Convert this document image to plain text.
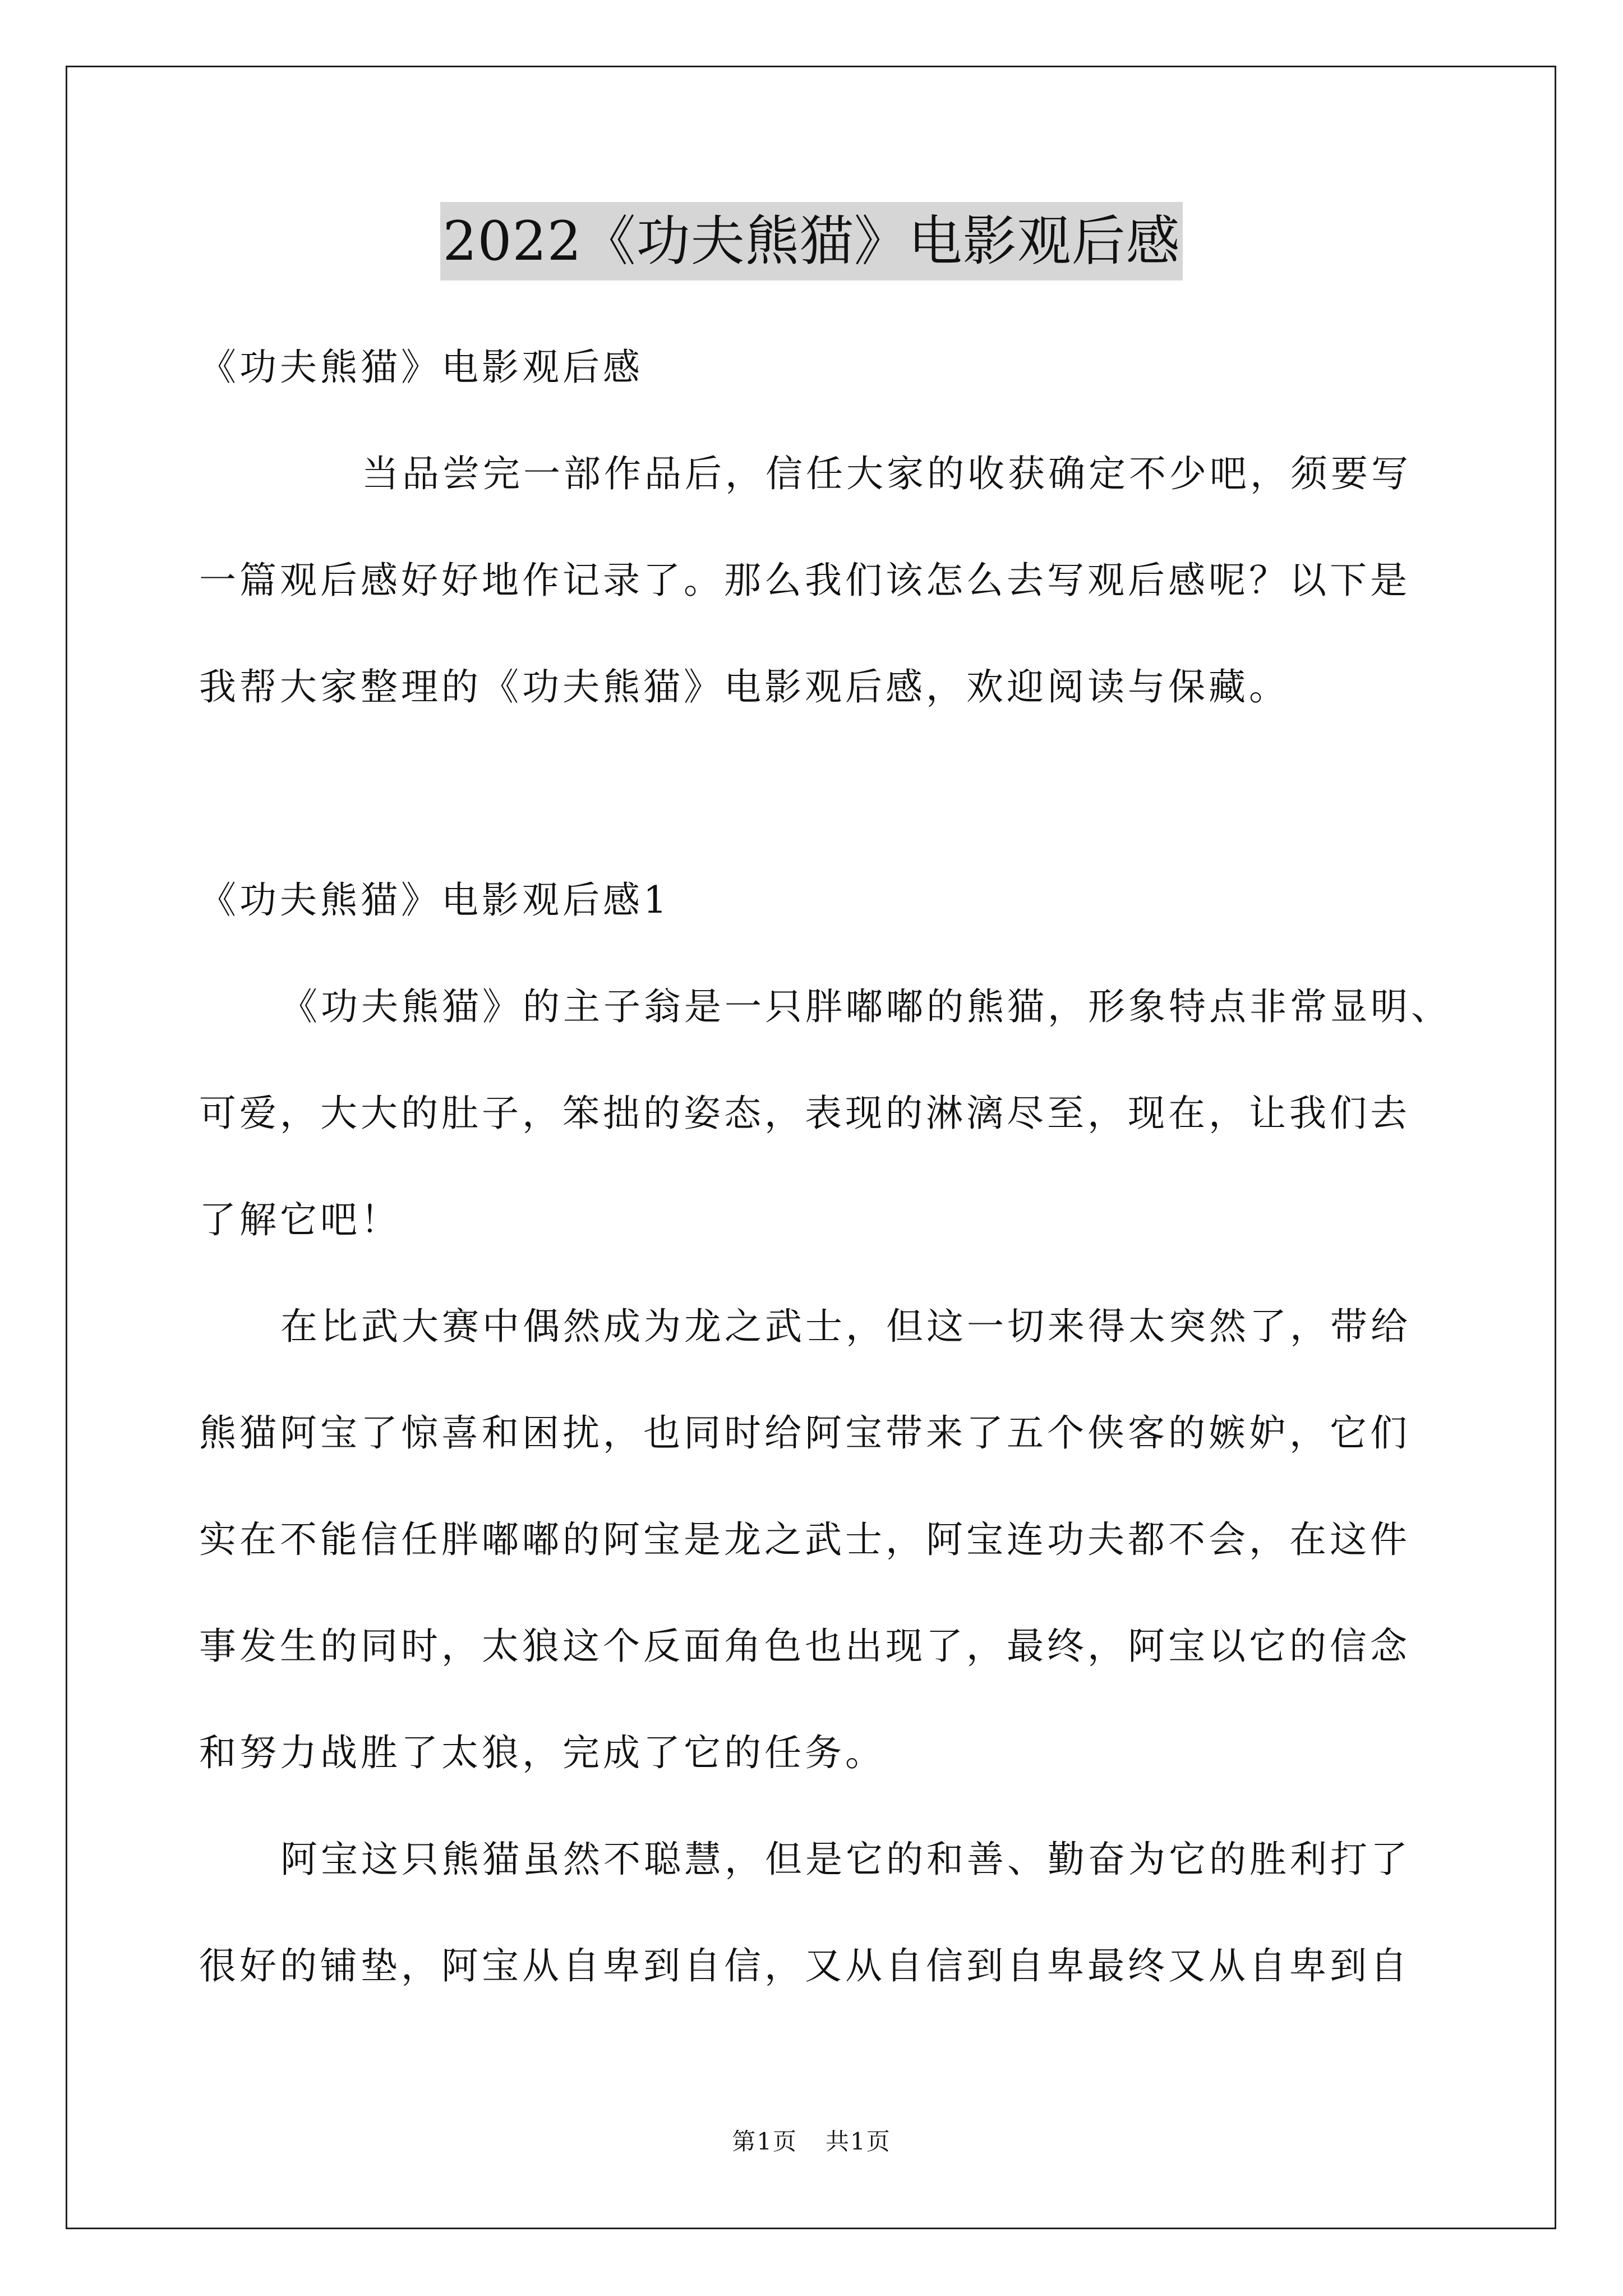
2022《功夫熊猫》电影观后感
《功夫熊猫》电影观后感
当品尝完一部作品后，信任大家的收获确定不少吧，须要写
一篇观后感好好地作记录了。那么我们该怎么去写观后感呢？以下是
我帮大家整理的《功夫熊猫》电影观后感，欢迎阅读与保藏。
《功夫熊猫》电影观后感1
《功夫熊猫》的主子翁是一只胖嘟嘟的熊猫，形象特点非常显明、
可爱，大大的肚子，笨拙的姿态，表现的淋漓尽至，现在，让我们去
了解它吧！
在比武大赛中偶然成为龙之武士，但这一切来得太突然了，带给
熊猫阿宝了惊喜和困扰，也同时给阿宝带来了五个侠客的嫉妒，它们
实在不能信任胖嘟嘟的阿宝是龙之武士，阿宝连功夫都不会，在这件
事发生的同时，太狼这个反面角色也出现了，最终，阿宝以它的信念
和努力战胜了太狼，完成了它的任务。
阿宝这只熊猫虽然不聪慧，但是它的和善、勤奋为它的胜利打了
很好的铺垫，阿宝从自卑到自信，又从自信到自卑最终又从自卑到自
第1页 共1页
